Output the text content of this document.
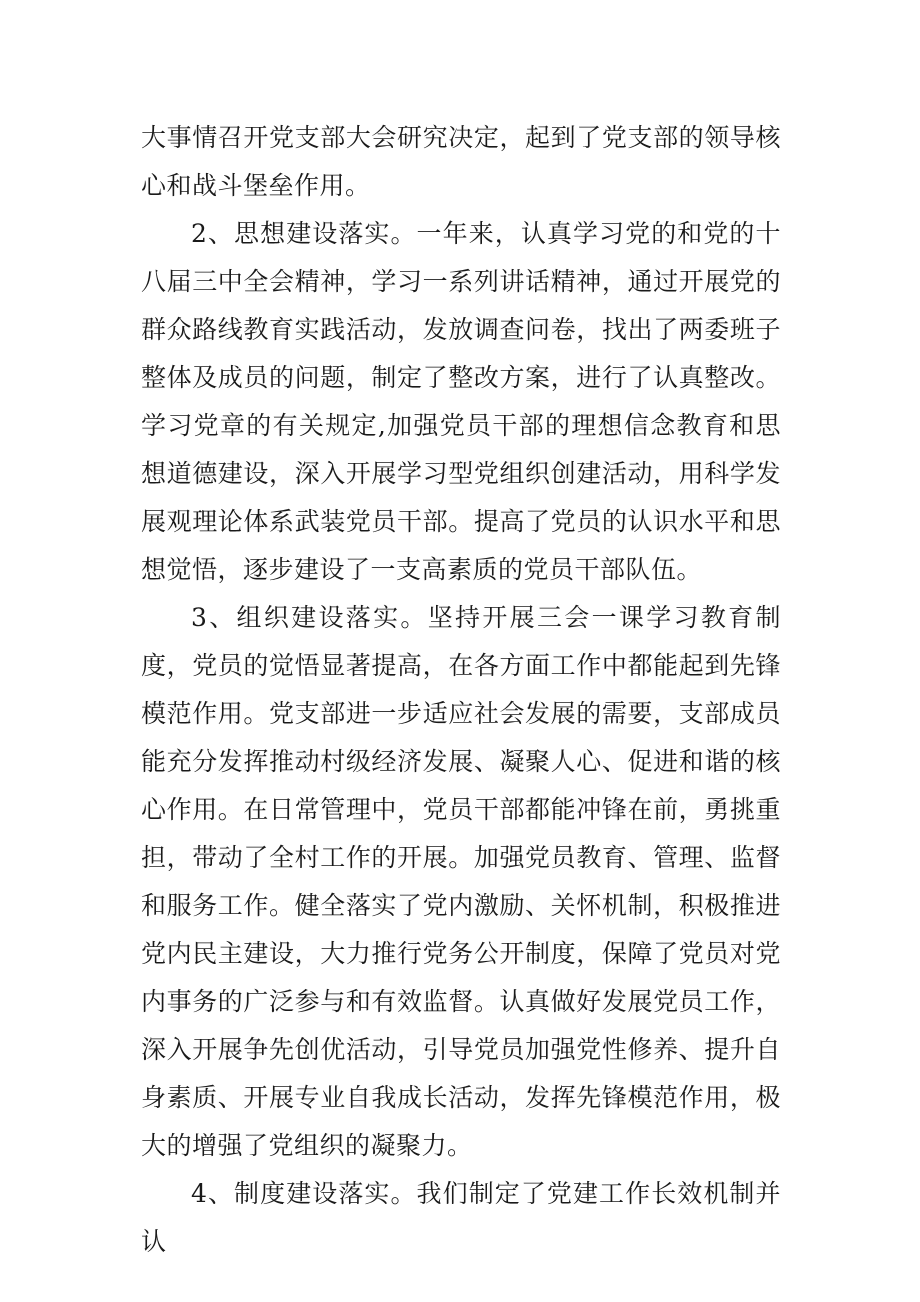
大事情召开党支部大会研究决定，起到了党支部的领导核心和战斗堡垒作用。

2、思想建设落实。一年来，认真学习党的和党的十八届三中全会精神，学习一系列讲话精神，通过开展党的群众路线教育实践活动，发放调查问卷，找出了两委班子整体及成员的问题，制定了整改方案，进行了认真整改。学习党章的有关规定,加强党员干部的理想信念教育和思想道德建设，深入开展学习型党组织创建活动，用科学发展观理论体系武装党员干部。提高了党员的认识水平和思想觉悟，逐步建设了一支高素质的党员干部队伍。

3、组织建设落实。坚持开展三会一课学习教育制度，党员的觉悟显著提高，在各方面工作中都能起到先锋模范作用。党支部进一步适应社会发展的需要，支部成员能充分发挥推动村级经济发展、凝聚人心、促进和谐的核心作用。在日常管理中，党员干部都能冲锋在前，勇挑重担，带动了全村工作的开展。加强党员教育、管理、监督和服务工作。健全落实了党内激励、关怀机制，积极推进党内民主建设，大力推行党务公开制度，保障了党员对党内事务的广泛参与和有效监督。认真做好发展党员工作，深入开展争先创优活动，引导党员加强党性修养、提升自身素质、开展专业自我成长活动，发挥先锋模范作用，极大的增强了党组织的凝聚力。

4、制度建设落实。我们制定了党建工作长效机制并认
